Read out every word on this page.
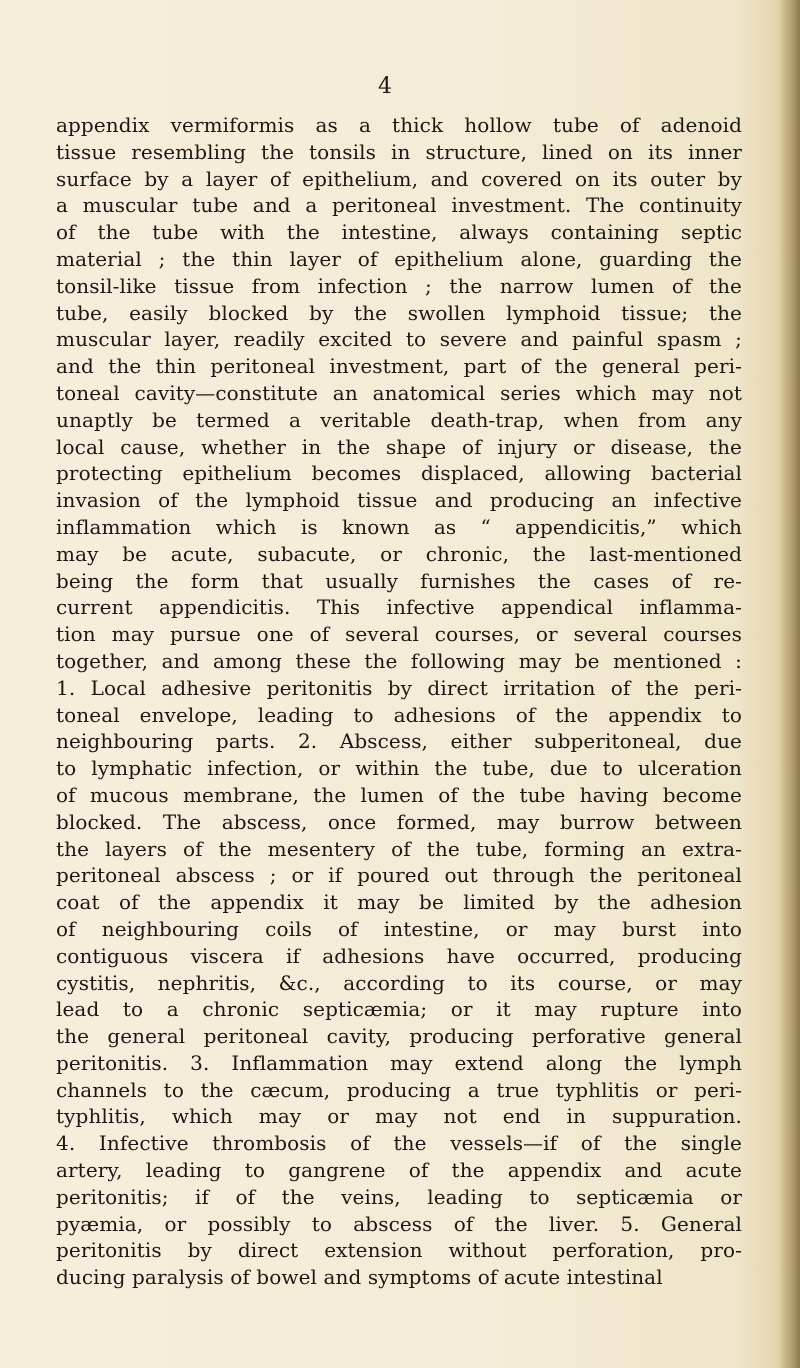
4
appendix vermiformis as a thick hollow tube of adenoid
tissue resembling the tonsils in structure, lined on its inner
surface by a layer of epithelium, and covered on its outer by
a muscular tube and a peritoneal investment. The continuity
of the tube with the intestine, always containing septic
material ; the thin layer of epithelium alone, guarding the
tonsil-like tissue from infection ; the narrow lumen of the
tube, easily blocked by the swollen lymphoid tissue; the
muscular layer, readily excited to severe and painful spasm ;
and the thin peritoneal investment, part of the general peri-
toneal cavity—constitute an anatomical series which may not
unaptly be termed a veritable death-trap, when from any
local cause, whether in the shape of injury or disease, the
protecting epithelium becomes displaced, allowing bacterial
invasion of the lymphoid tissue and producing an infective
inflammation which is known as “ appendicitis,” which
may be acute, subacute, or chronic, the last-mentioned
being the form that usually furnishes the cases of re-
current appendicitis. This infective appendical inflamma-
tion may pursue one of several courses, or several courses
together, and among these the following may be mentioned :
1. Local adhesive peritonitis by direct irritation of the peri-
toneal envelope, leading to adhesions of the appendix to
neighbouring parts. 2. Abscess, either subperitoneal, due
to lymphatic infection, or within the tube, due to ulceration
of mucous membrane, the lumen of the tube having become
blocked. The abscess, once formed, may burrow between
the layers of the mesentery of the tube, forming an extra-
peritoneal abscess ; or if poured out through the peritoneal
coat of the appendix it may be limited by the adhesion
of neighbouring coils of intestine, or may burst into
contiguous viscera if adhesions have occurred, producing
cystitis, nephritis, &c., according to its course, or may
lead to a chronic septicæmia; or it may rupture into
the general peritoneal cavity, producing perforative general
peritonitis. 3. Inflammation may extend along the lymph
channels to the cæcum, producing a true typhlitis or peri-
typhlitis, which may or may not end in suppuration.
4. Infective thrombosis of the vessels—if of the single
artery, leading to gangrene of the appendix and acute
peritonitis; if of the veins, leading to septicæmia or
pyæmia, or possibly to abscess of the liver. 5. General
peritonitis by direct extension without perforation, pro-
ducing paralysis of bowel and symptoms of acute intestinal
